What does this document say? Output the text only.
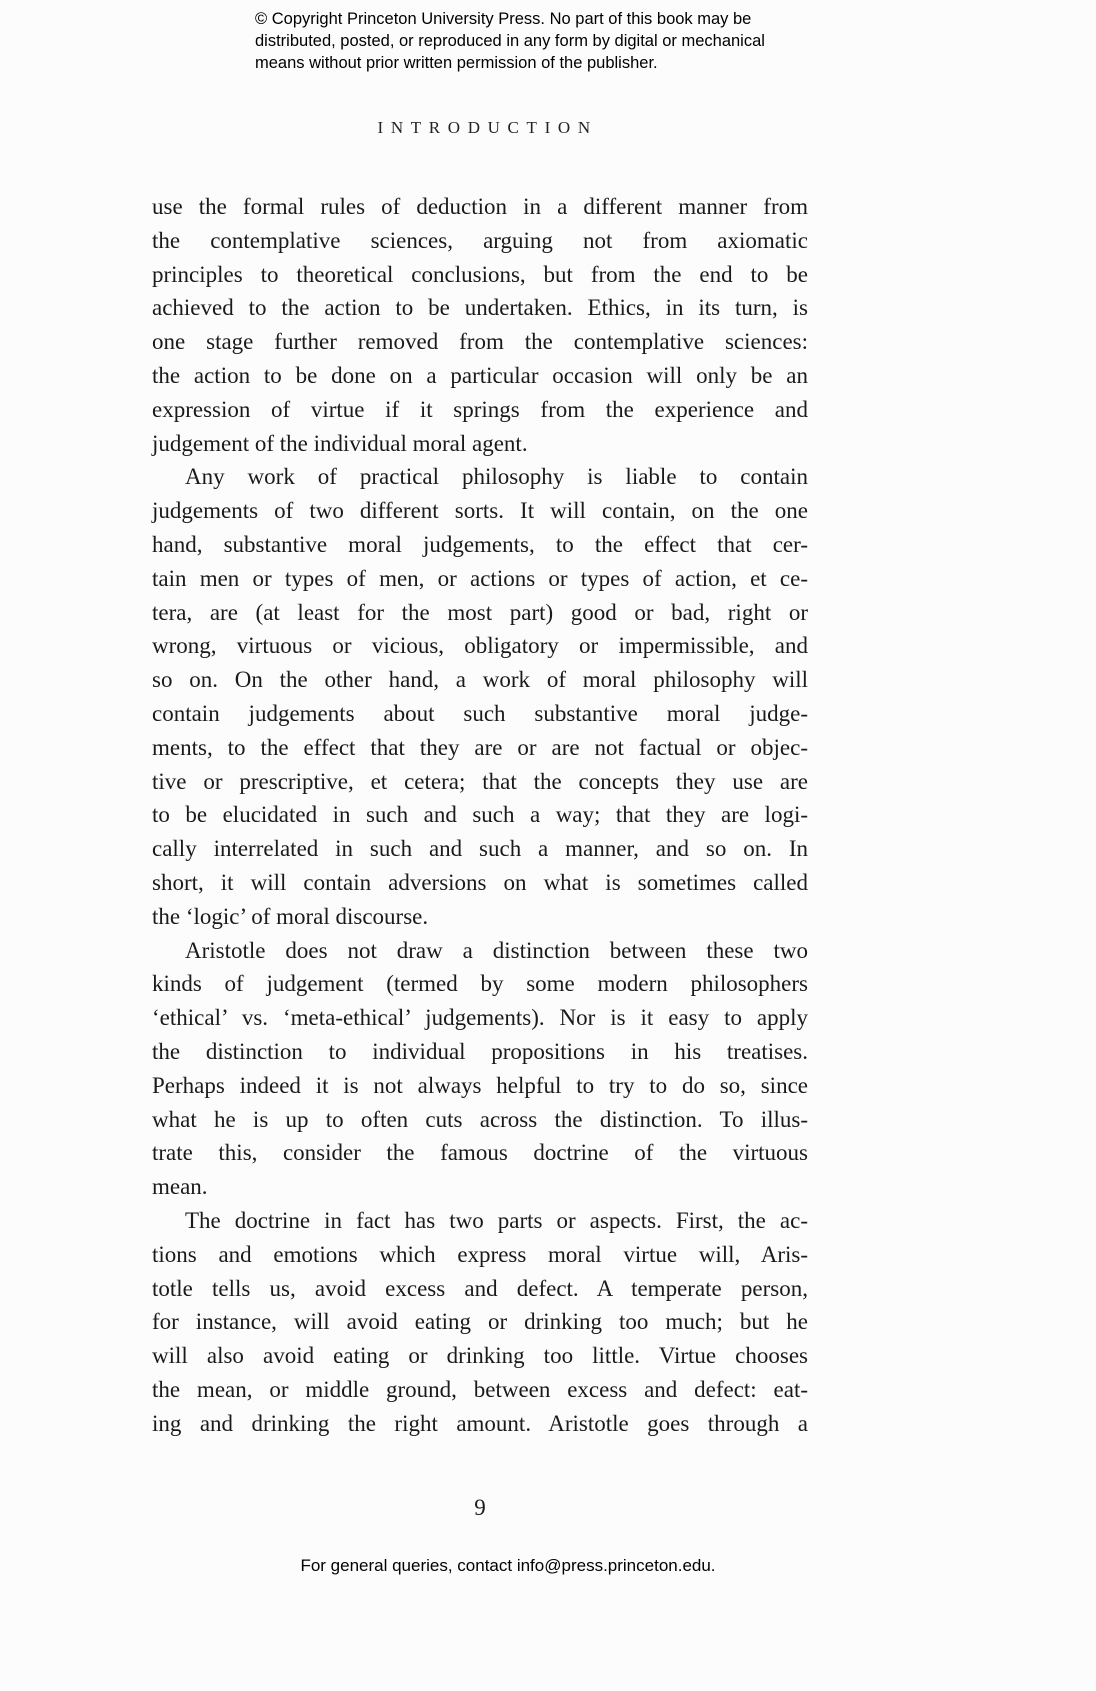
© Copyright Princeton University Press. No part of this book may be
distributed, posted, or reproduced in any form by digital or mechanical
means without prior written permission of the publisher.
INTRODUCTION
use the formal rules of deduction in a different manner from
the contemplative sciences, arguing not from axiomatic
principles to theoretical conclusions, but from the end to be
achieved to the action to be undertaken. Ethics, in its turn, is
one stage further removed from the contemplative sciences:
the action to be done on a particular occasion will only be an
expression of virtue if it springs from the experience and
judgement of the individual moral agent.
Any work of practical philosophy is liable to contain
judgements of two different sorts. It will contain, on the one
hand, substantive moral judgements, to the effect that cer-
tain men or types of men, or actions or types of action, et ce-
tera, are (at least for the most part) good or bad, right or
wrong, virtuous or vicious, obligatory or impermissible, and
so on. On the other hand, a work of moral philosophy will
contain judgements about such substantive moral judge-
ments, to the effect that they are or are not factual or objec-
tive or prescriptive, et cetera; that the concepts they use are
to be elucidated in such and such a way; that they are logi-
cally interrelated in such and such a manner, and so on. In
short, it will contain adversions on what is sometimes called
the ‘logic’ of moral discourse.
Aristotle does not draw a distinction between these two
kinds of judgement (termed by some modern philosophers
‘ethical’ vs. ‘meta-ethical’ judgements). Nor is it easy to apply
the distinction to individual propositions in his treatises.
Perhaps indeed it is not always helpful to try to do so, since
what he is up to often cuts across the distinction. To illus-
trate this, consider the famous doctrine of the virtuous
mean.
The doctrine in fact has two parts or aspects. First, the ac-
tions and emotions which express moral virtue will, Aris-
totle tells us, avoid excess and defect. A temperate person,
for instance, will avoid eating or drinking too much; but he
will also avoid eating or drinking too little. Virtue chooses
the mean, or middle ground, between excess and defect: eat-
ing and drinking the right amount. Aristotle goes through a
9
For general queries, contact info@press.princeton.edu.
